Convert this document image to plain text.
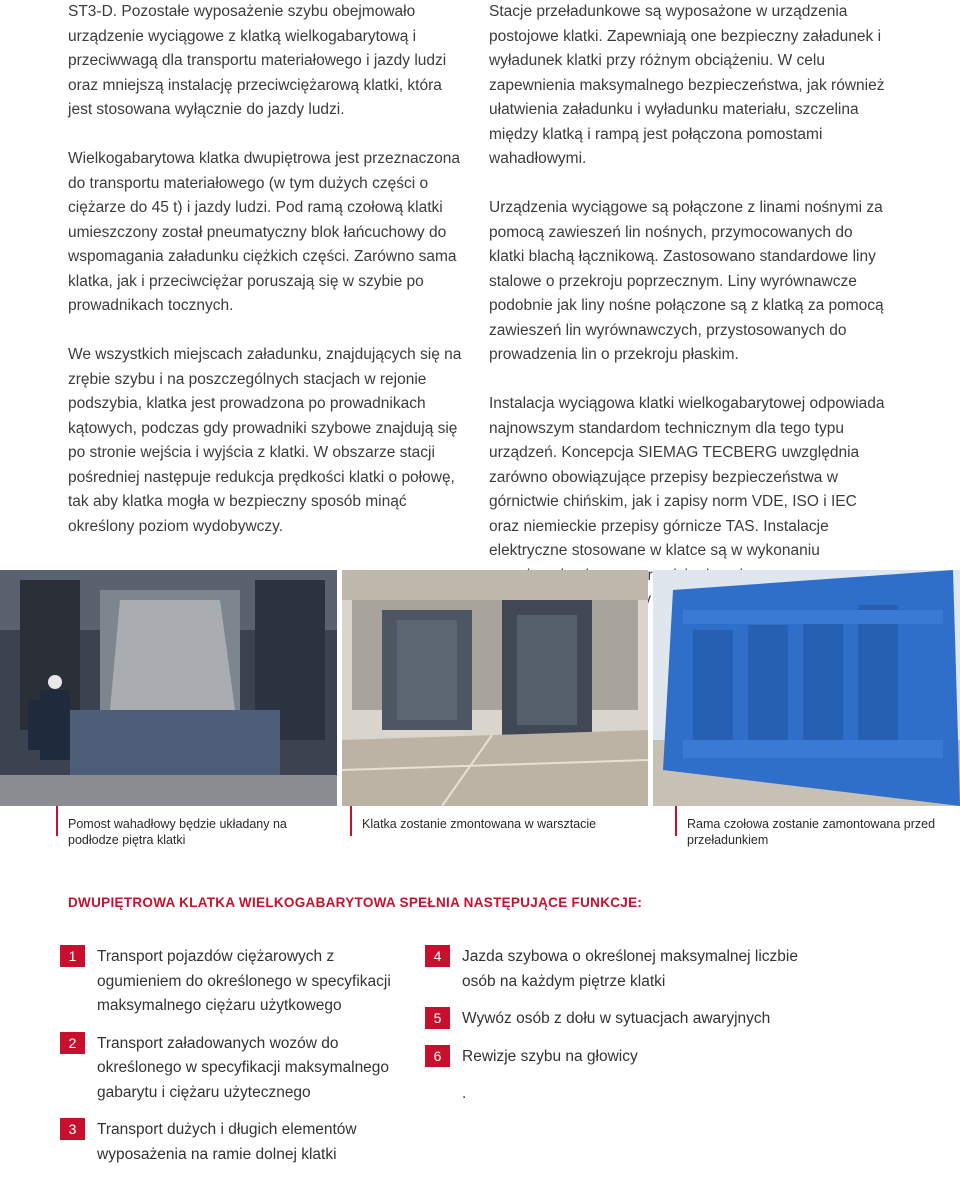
ST3-D. Pozostałe wyposażenie szybu obejmowało urządzenie wyciągowe z klatką wielkogabarytową i przeciwwagą dla transportu materiałowego i jazdy ludzi oraz mniejszą instalację przeciwciężarową klatki, która jest stosowana wyłącznie do jazdy ludzi.

Wielkogabarytowa klatka dwupiętrowa jest przeznaczona do transportu materiałowego (w tym dużych części o ciężarze do 45 t) i jazdy ludzi. Pod ramą czołową klatki umieszczony został pneumatyczny blok łańcuchowy do wspomagania załadunku ciężkich części. Zarówno sama klatka, jak i przeciwciężar poruszają się w szybie po prowadnikach tocznych.

We wszystkich miejscach załadunku, znajdujących się na zrębie szybu i na poszczególnych stacjach w rejonie podszybia, klatka jest prowadzona po prowadnikach kątowych, podczas gdy prowadniki szybowe znajdują się po stronie wejścia i wyjścia z klatki. W obszarze stacji pośredniej następuje redukcja prędkości klatki o połowę, tak aby klatka mogła w bezpieczny sposób minąć określony poziom wydobywczy.

Stacje przeładunkowe są wyposażone w urządzenia postojowe klatki. Zapewniają one bezpieczny załadunek i wyładunek klatki przy różnym obciążeniu. W celu zapewnienia maksymalnego bezpieczeństwa, jak również ułatwienia załadunku i wyładunku materiału, szczelina między klatką i rampą jest połączona pomostami wahadłowymi.

Urządzenia wyciągowe są połączone z linami nośnymi za pomocą zawieszeń lin nośnych, przymocowanych do klatki blachą łącznikową. Zastosowano standardowe liny stalowe o przekroju poprzecznym. Liny wyrównawcze podobnie jak liny nośne połączone są z klatką za pomocą zawieszeń lin wyrównawczych, przystosowanych do prowadzenia lin o przekroju płaskim.

Instalacja wyciągowa klatki wielkogabarytowej odpowiada najnowszym standardom technicznym dla tego typu urządzeń. Koncepcja SIEMAG TECBERG uwzględnia zarówno obowiązujące przepisy bezpieczeństwa w górnictwie chińskim, jak i zapisy norm VDE, ISO i IEC oraz niemieckie przepisy górnicze TAS. Instalacje elektryczne stosowane w klatce są w wykonaniu

Pomost wahadłowy będzie układany na podłodze piętra klatki
Klatka zostanie zmontowana w warsztacie	Rama czołowa zostanie zamontowana przed przeładunkiem
DWUPIĘTROWA KLATKA WIELKOGABARYTOWA SPEŁNIA NASTĘPUJĄCE FUNKCJE:
1	Transport pojazdów ciężarowych z ogumieniem do określonego w specyfikacji maksymalnego ciężaru użytkowego
2	Transport załadowanych wozów do określonego w specyfikacji maksymalnego gabarytu i ciężaru użytecznego
3	Transport dużych i długich elementów wyposażenia na ramie dolnej klatki
4	Jazda szybowa o określonej maksymalnej liczbie osób na każdym piętrze klatki
5	Wywóz osób z dołu w sytuacjach awaryjnych
6	Rewizje szybu na głowicy
.
